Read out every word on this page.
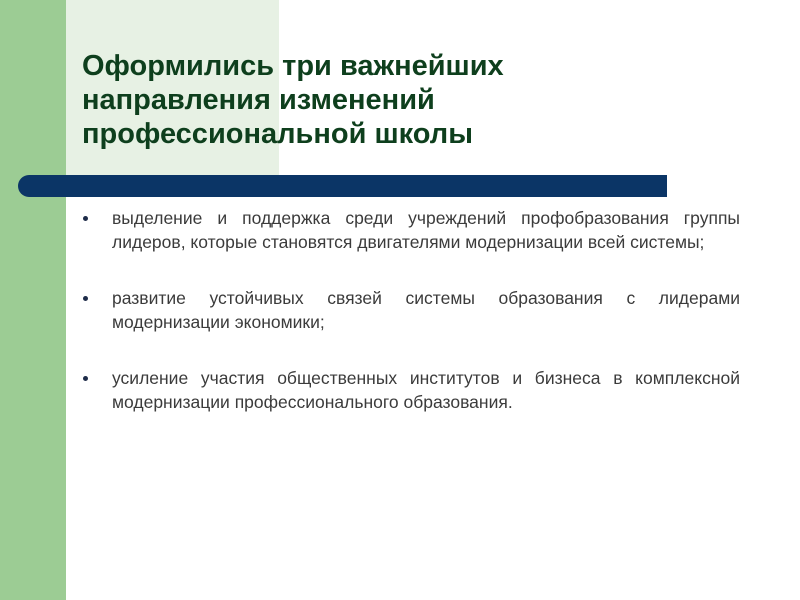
Оформились три важнейших направления изменений профессиональной школы
выделение и поддержка среди учреждений профобразования группы лидеров, которые становятся двигателями модернизации всей системы;
развитие устойчивых связей системы образования с лидерами модернизации экономики;
усиление участия общественных институтов и бизнеса в комплексной модернизации профессионального образования.
